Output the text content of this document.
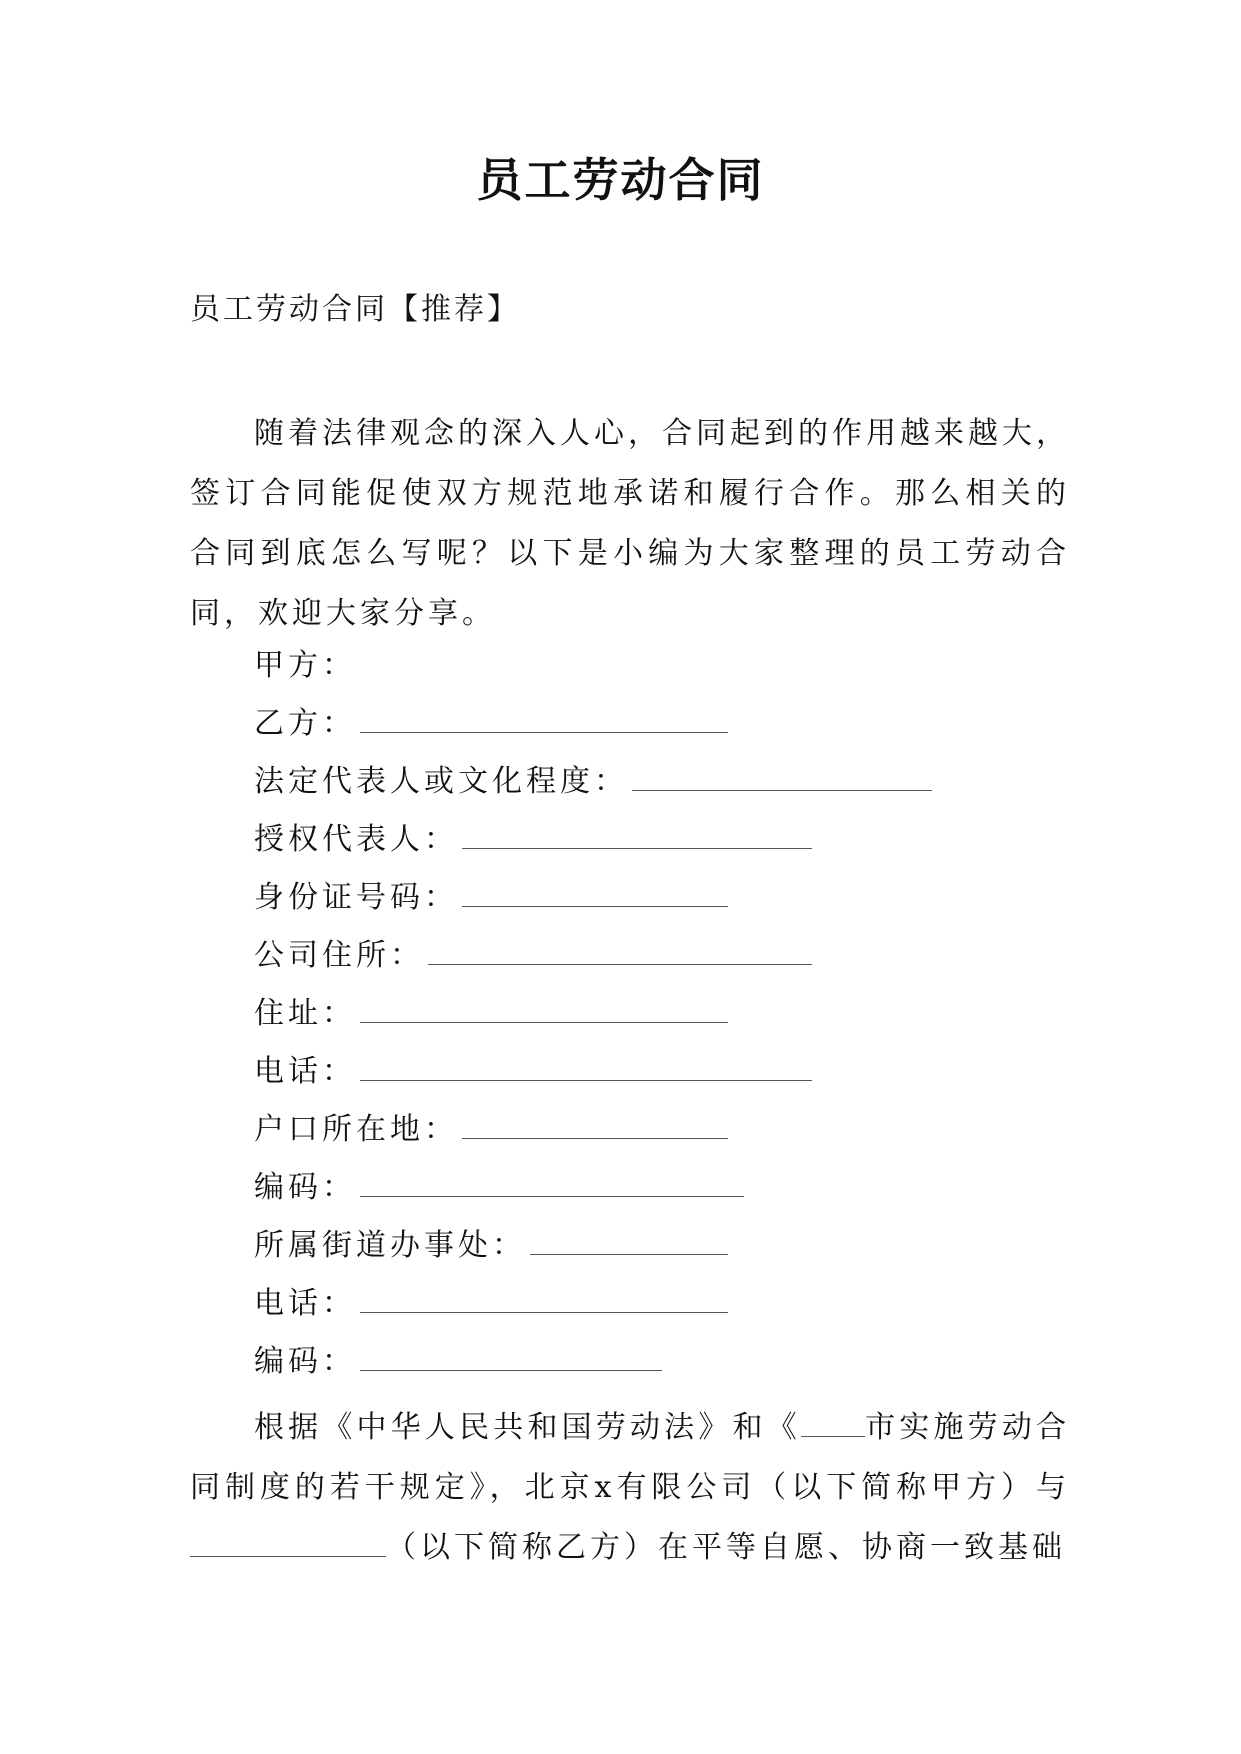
员工劳动合同
员工劳动合同【推荐】

随着法律观念的深入人心，合同起到的作用越来越大，签订合同能促使双方规范地承诺和履行合作。那么相关的合同到底怎么写呢？以下是小编为大家整理的员工劳动合同，欢迎大家分享。

甲方：
乙方：
法定代表人或文化程度：
授权代表人：
身份证号码：
公司住所：
住址：
电话：
户口所在地：
编码：
所属街道办事处：
电话：
编码：

根据《中华人民共和国劳动法》和《 市实施劳动合同制度的若干规定》，北京x有限公司（以下简称甲方）与（以下简称乙方）在平等自愿、协商一致基础
